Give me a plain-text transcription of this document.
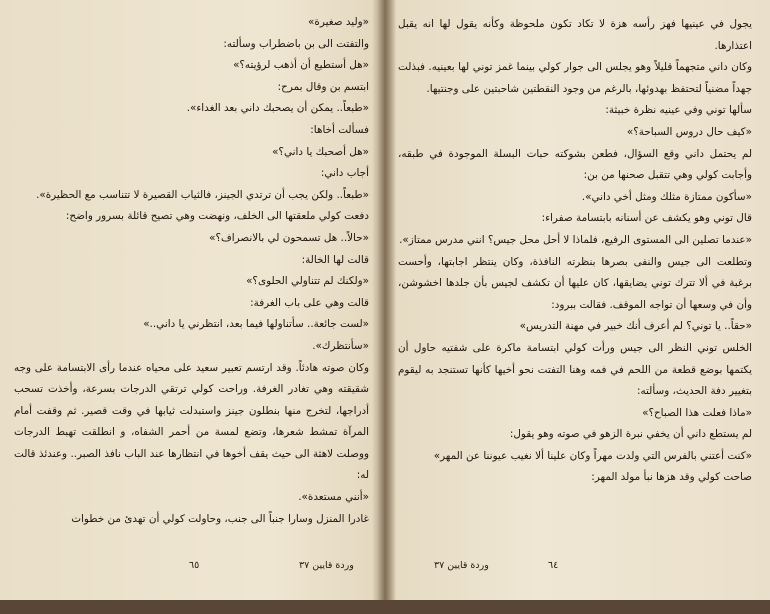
«وليد صغيرة»

والتفتت الى بن باضطراب وسألته:

«هل أستطيع أن أذهب لرؤيته؟»

ابتسم بن وقال بمرح:

«طبعاً.. يمكن أن يصحبك داني بعد الغداء».

فسألت أخاها:

«هل أصحبك يا داني؟»

أجاب داني:

«طبعاً.. ولكن يجب أن ترتدي الجينز، فالثياب القصيرة لا تتناسب مع الحظيرة».

دفعت كولي ملعقتها الى الخلف، ونهضت وهي تصيح قائلة بسرور واضح:

«حالاً.. هل تسمحون لي بالانصراف؟»

قالت لها الخالة:

«ولكنك لم تتناولي الحلوى؟»

قالت وهي على باب الغرفة:

«لست جائعة.. سأتناولها فيما بعد، انتظرني يا داني..»

«سأنتظرك».

وكان صوته هادئاً. وقد ارتسم تعبير سعيد على محياه عندما رأى الابتسامة على وجه شقيقته وهي تغادر الغرفة. وراحت كولي ترتقي الدرجات بسرعة، وأخذت تسحب أدراجها، لتخرج منها بنطلون جينز واستبدلت ثيابها في وقت قصير. ثم وقفت أمام المرآة تمشط شعرها، وتضع لمسة من أحمر الشفاه، و انطلقت تهبط الدرجات ووصلت لاهثة الى حيث يقف أخوها في انتظارها عند الباب نافذ الصبر.. وعندئذ قالت له:

«أنني مستعدة».

غادرا المنزل وسارا جنباً الى جنب، وحاولت كولي أن تهدئ من خطوات

يجول في عينيها فهز رأسه هزة لا تكاد تكون ملحوظة وكأنه يقول لها انه يقبل اعتذارها.

وكان داني متجهماً قليلاً وهو يجلس الى جوار كولي بينما غمز توني لها بعينيه. فبذلت جهداً مضنياً لتحتفظ بهدوئها، بالرغم من وجود النقطتين شاحبتين على وجنتيها.

سألها توني وفي عينيه نظرة خبيثة:

«كيف حال دروس السباحة؟»

لم يحتمل داني وقع السؤال، فطعن بشوكته حبات البسلة الموجودة في طبقه، وأجابت كولي وهي تتقبل صحنها من بن:

«سأكون ممتازة مثلك ومثل أخي داني».

قال توني وهو يكشف عن أسنانه بابتسامة صفراء:

«عندما تصلين الى المستوى الرفيع، فلماذا لا أحل محل جيس؟ انني مدرس ممتاز».

وتطلعت الى جيس والنفى بصرها بنظرته النافذة، وكان ينتظر اجابتها، وأحست برغبة في ألا تترك توني يضايقها، كان عليها أن تكشف لجيس بأن جلدها اخشوشن، وأن في وسعها أن تواجه الموقف. فقالت ببرود:

«حقاً.. يا توني؟ لم أعرف أنك خبير في مهنة التدريس»

الخلس توني النظر الى جيس ورأت كولي ابتسامة ماكرة على شفتيه حاول أن يكتمها بوضع قطعة من اللحم في فمه وهنا التفتت نحو أخيها كأنها تستنجد به ليقوم بتغيير دفة الحديث، وسألته:

«ماذا فعلت هذا الصباح؟»

لم يستطع داني أن يخفي نبرة الزهو في صوته وهو يقول:

«كنت أعتني بالفرس التي ولدت مهراً وكان علينا ألا نغيب عيوننا عن المهر»

صاحت كولي وقد هزها نبأ مولد المهر:

وردة قايين ٣٧
٦٥	٦٤
وردة قايين ٣٧
